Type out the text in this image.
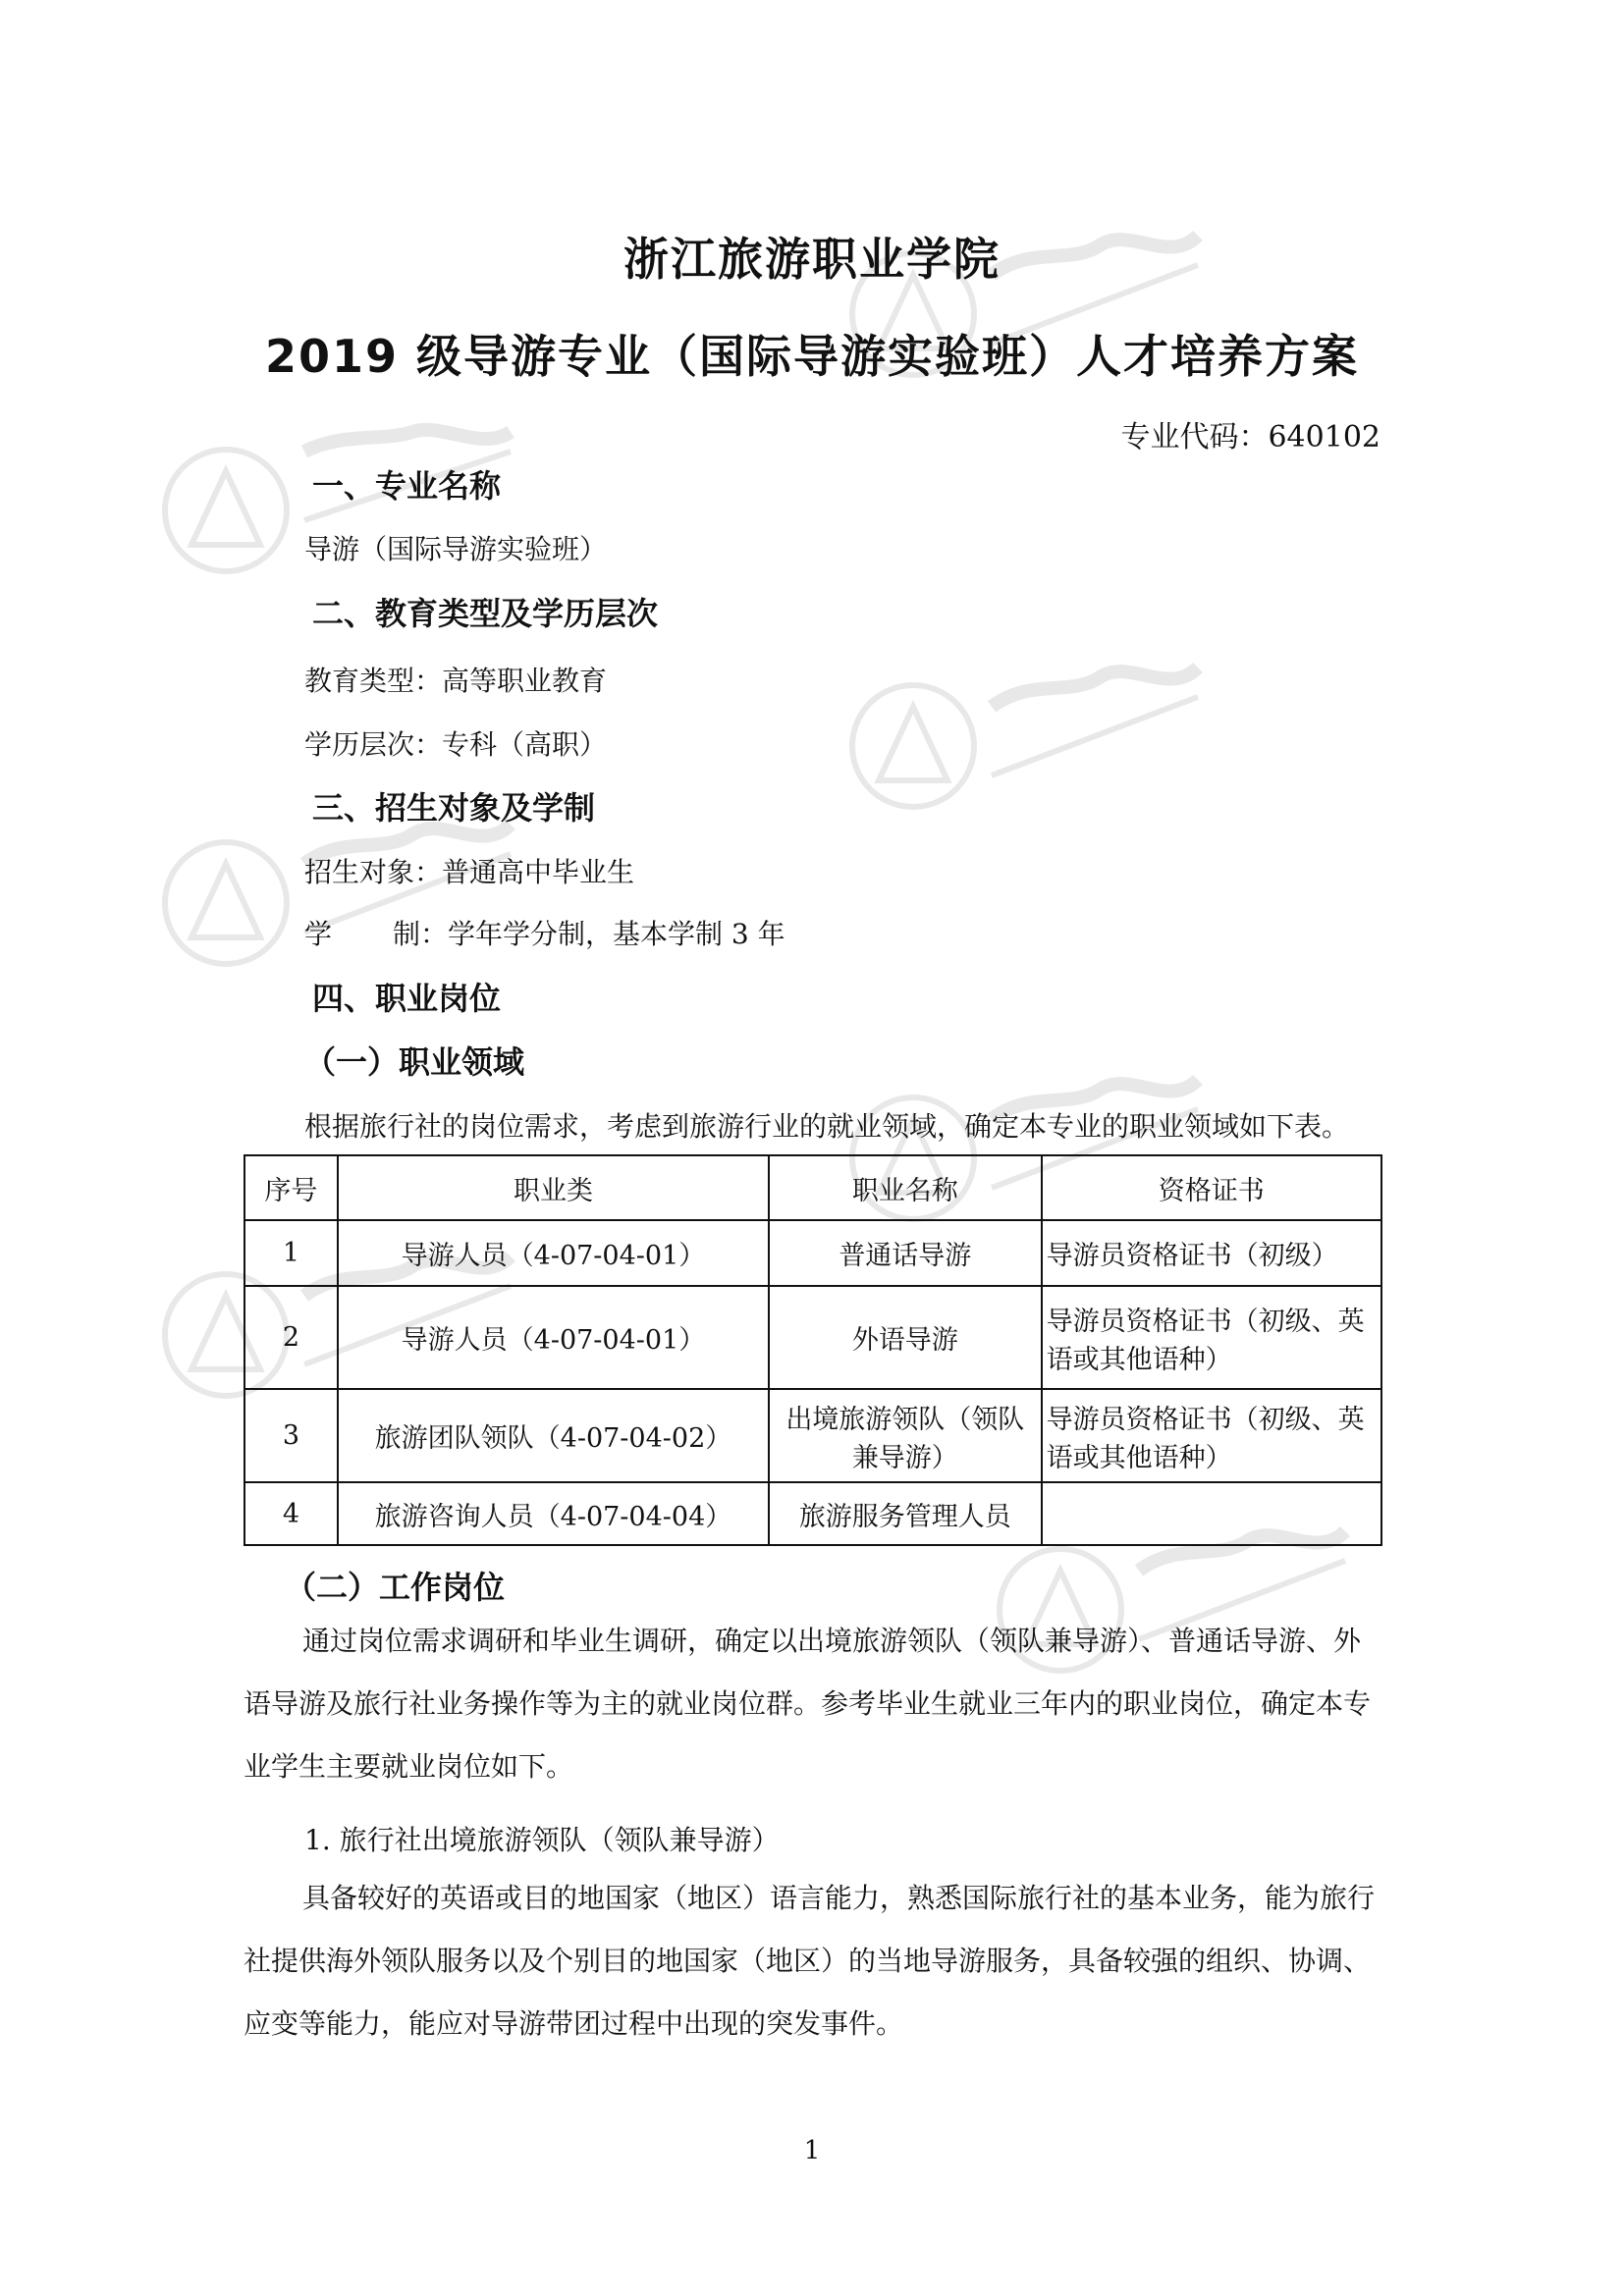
浙江旅游职业学院
2019 级导游专业（国际导游实验班）人才培养方案
专业代码：640102
一、专业名称
导游（国际导游实验班）
二、教育类型及学历层次
教育类型：高等职业教育
学历层次：专科（高职）
三、招生对象及学制
招生对象：普通高中毕业生
学 制：学年学分制，基本学制 3 年
四、职业岗位
（一）职业领域
根据旅行社的岗位需求，考虑到旅游行业的就业领域，确定本专业的职业领域如下表。
序号	职业类	职业名称	资格证书
1	导游人员（4-07-04-01）	普通话导游	导游员资格证书（初级）
2	导游人员（4-07-04-01）	外语导游	导游员资格证书（初级、英语或其他语种）
3	旅游团队领队（4-07-04-02）	出境旅游领队（领队兼导游）	导游员资格证书（初级、英语或其他语种）
4	旅游咨询人员（4-07-04-04）	旅游服务管理人员	
（二）工作岗位
通过岗位需求调研和毕业生调研，确定以出境旅游领队（领队兼导游）、普通话导游、外语导游及旅行社业务操作等为主的就业岗位群。参考毕业生就业三年内的职业岗位，确定本专业学生主要就业岗位如下。
1. 旅行社出境旅游领队（领队兼导游）
具备较好的英语或目的地国家（地区）语言能力，熟悉国际旅行社的基本业务，能为旅行社提供海外领队服务以及个别目的地国家（地区）的当地导游服务，具备较强的组织、协调、应变等能力，能应对导游带团过程中出现的突发事件。
1
